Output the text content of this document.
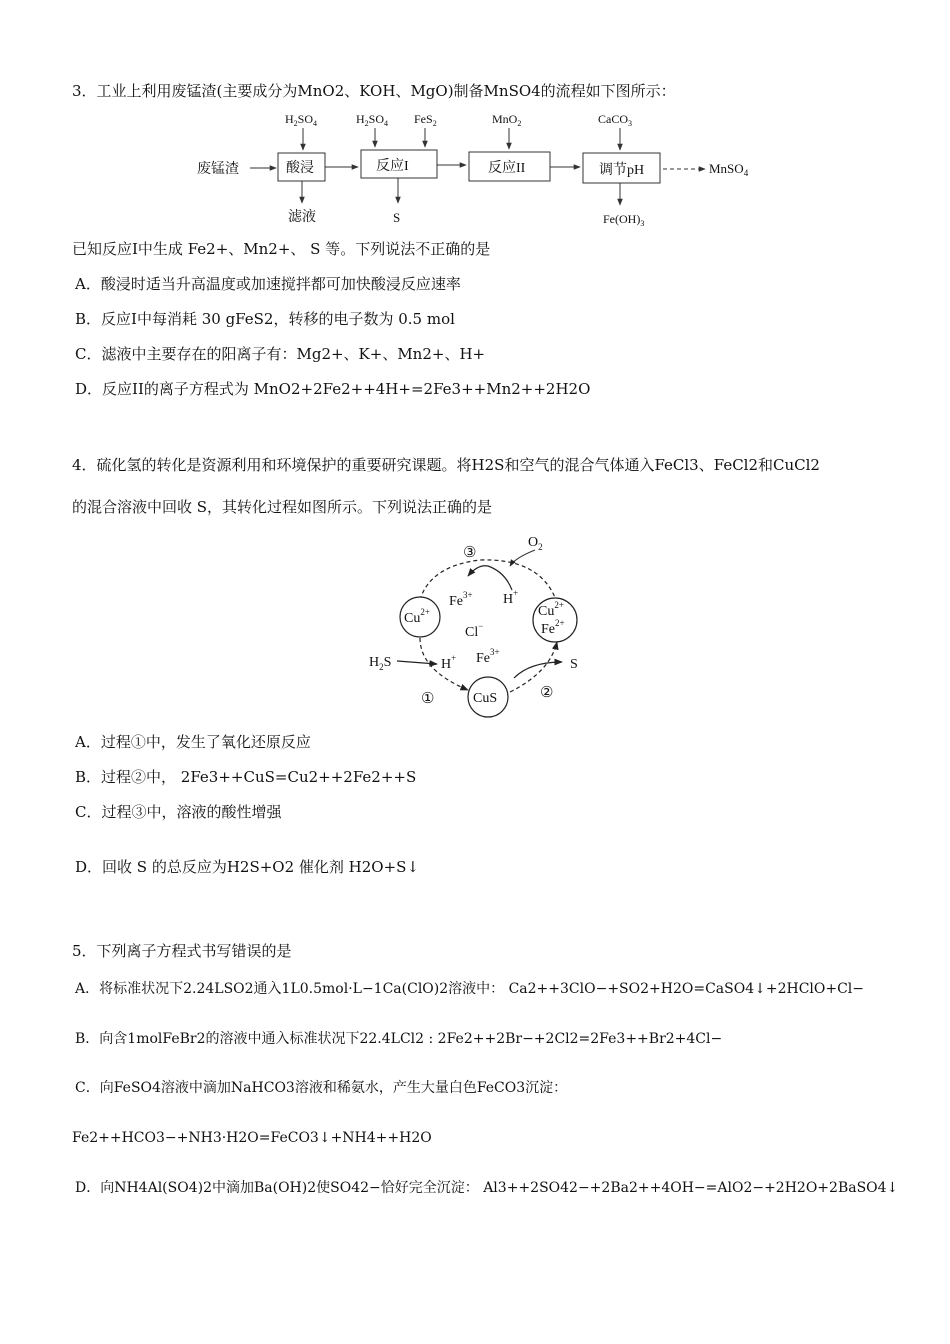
3．工业上利用废锰渣(主要成分为MnO2、KOH、MgO)制备MnSO4的流程如下图所示：
废锰渣	酸浸	反应I	反应II	调节pH	MnSO$_4$
$H_2SO_4$	$H_2SO_4$ FeS$_2$	MnO$_2$	CaCO$_3$
滤液	S	$Fe(OH)_3$
已知反应I中生成 Fe2+、Mn2+、 S 等。下列说法不正确的是
A．酸浸时适当升高温度或加速搅拌都可加快酸浸反应速率
B．反应I中每消耗 30 gFeS2，转移的电子数为 0.5 mol
C．滤液中主要存在的阳离子有：Mg2+、K+、Mn2+、H+
D．反应II的离子方程式为 MnO2+2Fe2++4H+=2Fe3++Mn2++2H2O
4．硫化氢的转化是资源利用和环境保护的重要研究课题。将H2S和空气的混合气体通入FeCl3、FeCl2和CuCl2
的混合溶液中回收 S，其转化过程如图所示。下列说法正确的是
$Cu^{2+}$	$Cu^{2+}$
$Fe^{2+}$
CuS
③
$O_2$
$Fe^{3+}$ H+
Cl−
$H_2S$	H+ $Fe^{3+}$
S
①	②
A．过程①中，发生了氧化还原反应
B．过程②中， 2Fe3++CuS=Cu2++2Fe2++S
C．过程③中，溶液的酸性增强
D．回收 S 的总反应为H2S+O2 催化剂 H2O+S↓
5．下列离子方程式书写错误的是
A．将标准状况下2.24LSO2通入1L0.5mol·L−1Ca(ClO)2溶液中： Ca2++3ClO−+SO2+H2O=CaSO4↓+2HClO+Cl−
B．向含1molFeBr2的溶液中通入标准状况下22.4LCl2 : 2Fe2++2Br−+2Cl2=2Fe3++Br2+4Cl−
C．向FeSO4溶液中滴加NaHCO3溶液和稀氨水，产生大量白色FeCO3沉淀：
Fe2++HCO3−+NH3·H2O=FeCO3↓+NH4++H2O
D．向NH4Al(SO4)2中滴加Ba(OH)2使SO42−恰好完全沉淀： Al3++2SO42−+2Ba2++4OH−=AlO2−+2H2O+2BaSO4↓
